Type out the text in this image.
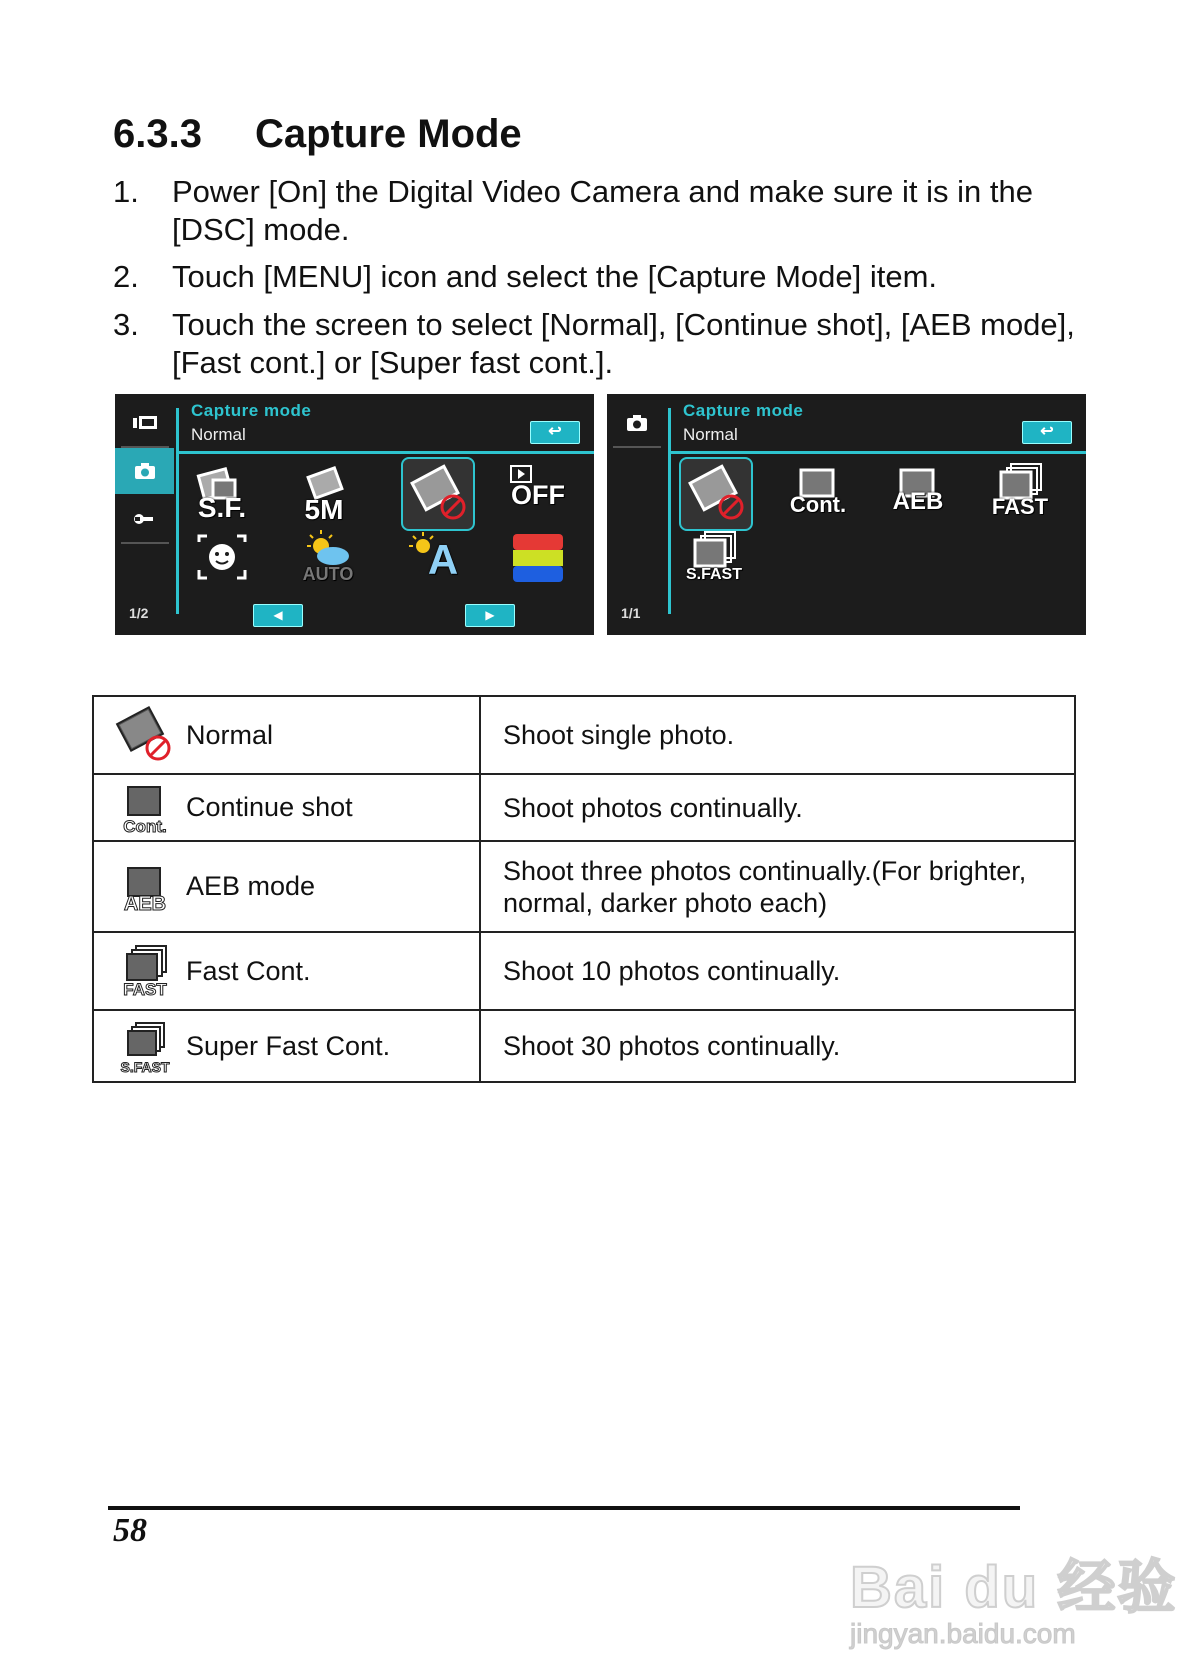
6.3.3 Capture Mode
1. Power [On] the Digital Video Camera and make sure it is in the [DSC] mode.
2. Touch [MENU] icon and select the [Capture Mode] item.
3. Touch the screen to select [Normal], [Continue shot], [AEB mode], [Fast cont.] or [Super fast cont.].
1/2
Capture mode
Normal	↩
S.F.	5M	OFF
AUTO	A
◀	▶	1/1
Capture mode
Normal	↩
Cont.	AEB	FAST
S.FAST
Normal	Shoot single photo.

Cont.
Continue shot	Shoot photos continually.

AEB
AEB mode	Shoot three photos continually.(For brighter, normal, darker photo each)

FAST
Fast Cont.	Shoot 10 photos continually.

S.FAST
Super Fast Cont.	Shoot 30 photos continually.
58
Bai du 经验
jingyan.baidu.com
